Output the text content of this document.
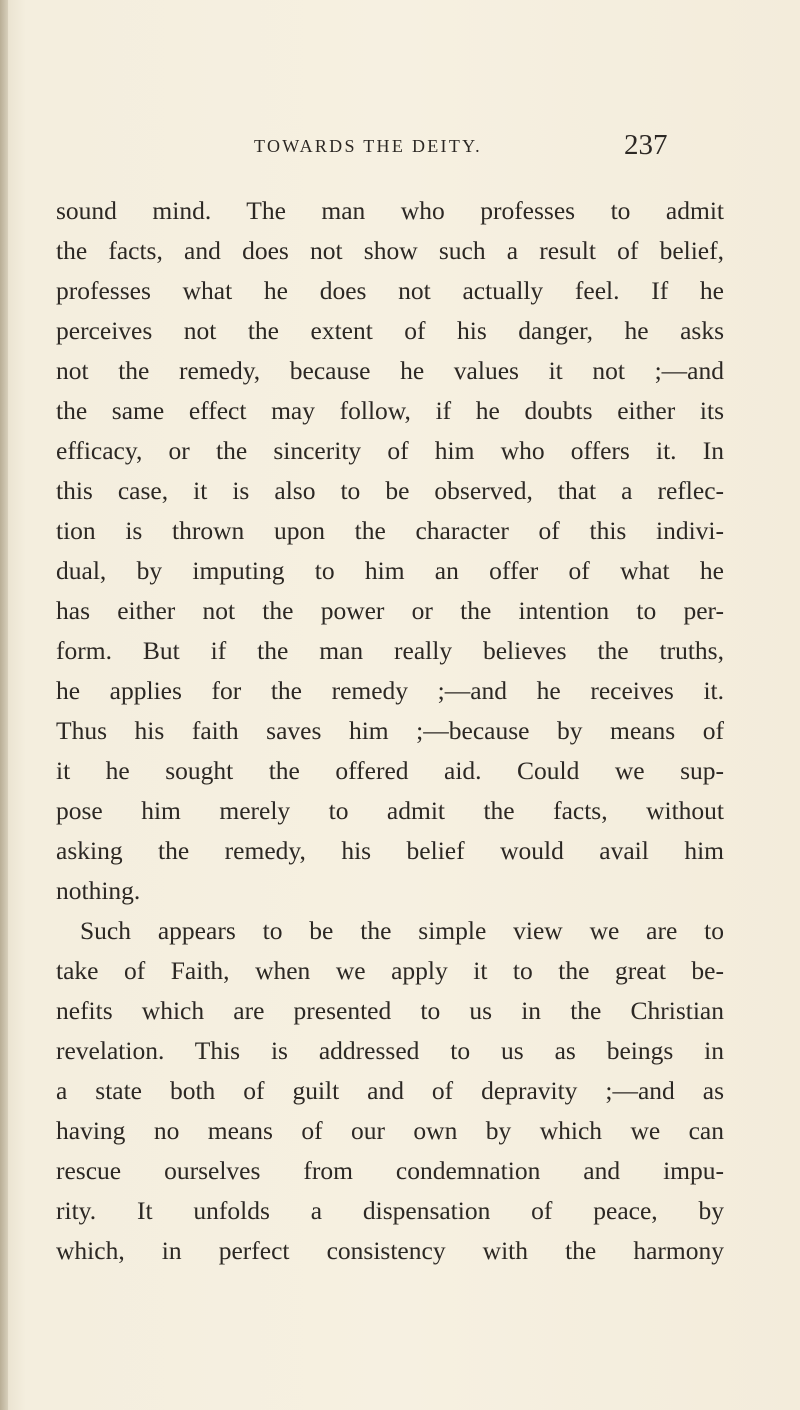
TOWARDS THE DEITY.	237
sound mind. The man who professes to admit
the facts, and does not show such a result of belief,
professes what he does not actually feel. If he
perceives not the extent of his danger, he asks
not the remedy, because he values it not ;—and
the same effect may follow, if he doubts either its
efficacy, or the sincerity of him who offers it. In
this case, it is also to be observed, that a reflec-
tion is thrown upon the character of this indivi-
dual, by imputing to him an offer of what he
has either not the power or the intention to per-
form. But if the man really believes the truths,
he applies for the remedy ;—and he receives it.
Thus his faith saves him ;—because by means of
it he sought the offered aid. Could we sup-
pose him merely to admit the facts, without
asking the remedy, his belief would avail him
nothing.
Such appears to be the simple view we are to
take of Faith, when we apply it to the great be-
nefits which are presented to us in the Christian
revelation. This is addressed to us as beings in
a state both of guilt and of depravity ;—and as
having no means of our own by which we can
rescue ourselves from condemnation and impu-
rity. It unfolds a dispensation of peace, by
which, in perfect consistency with the harmony
